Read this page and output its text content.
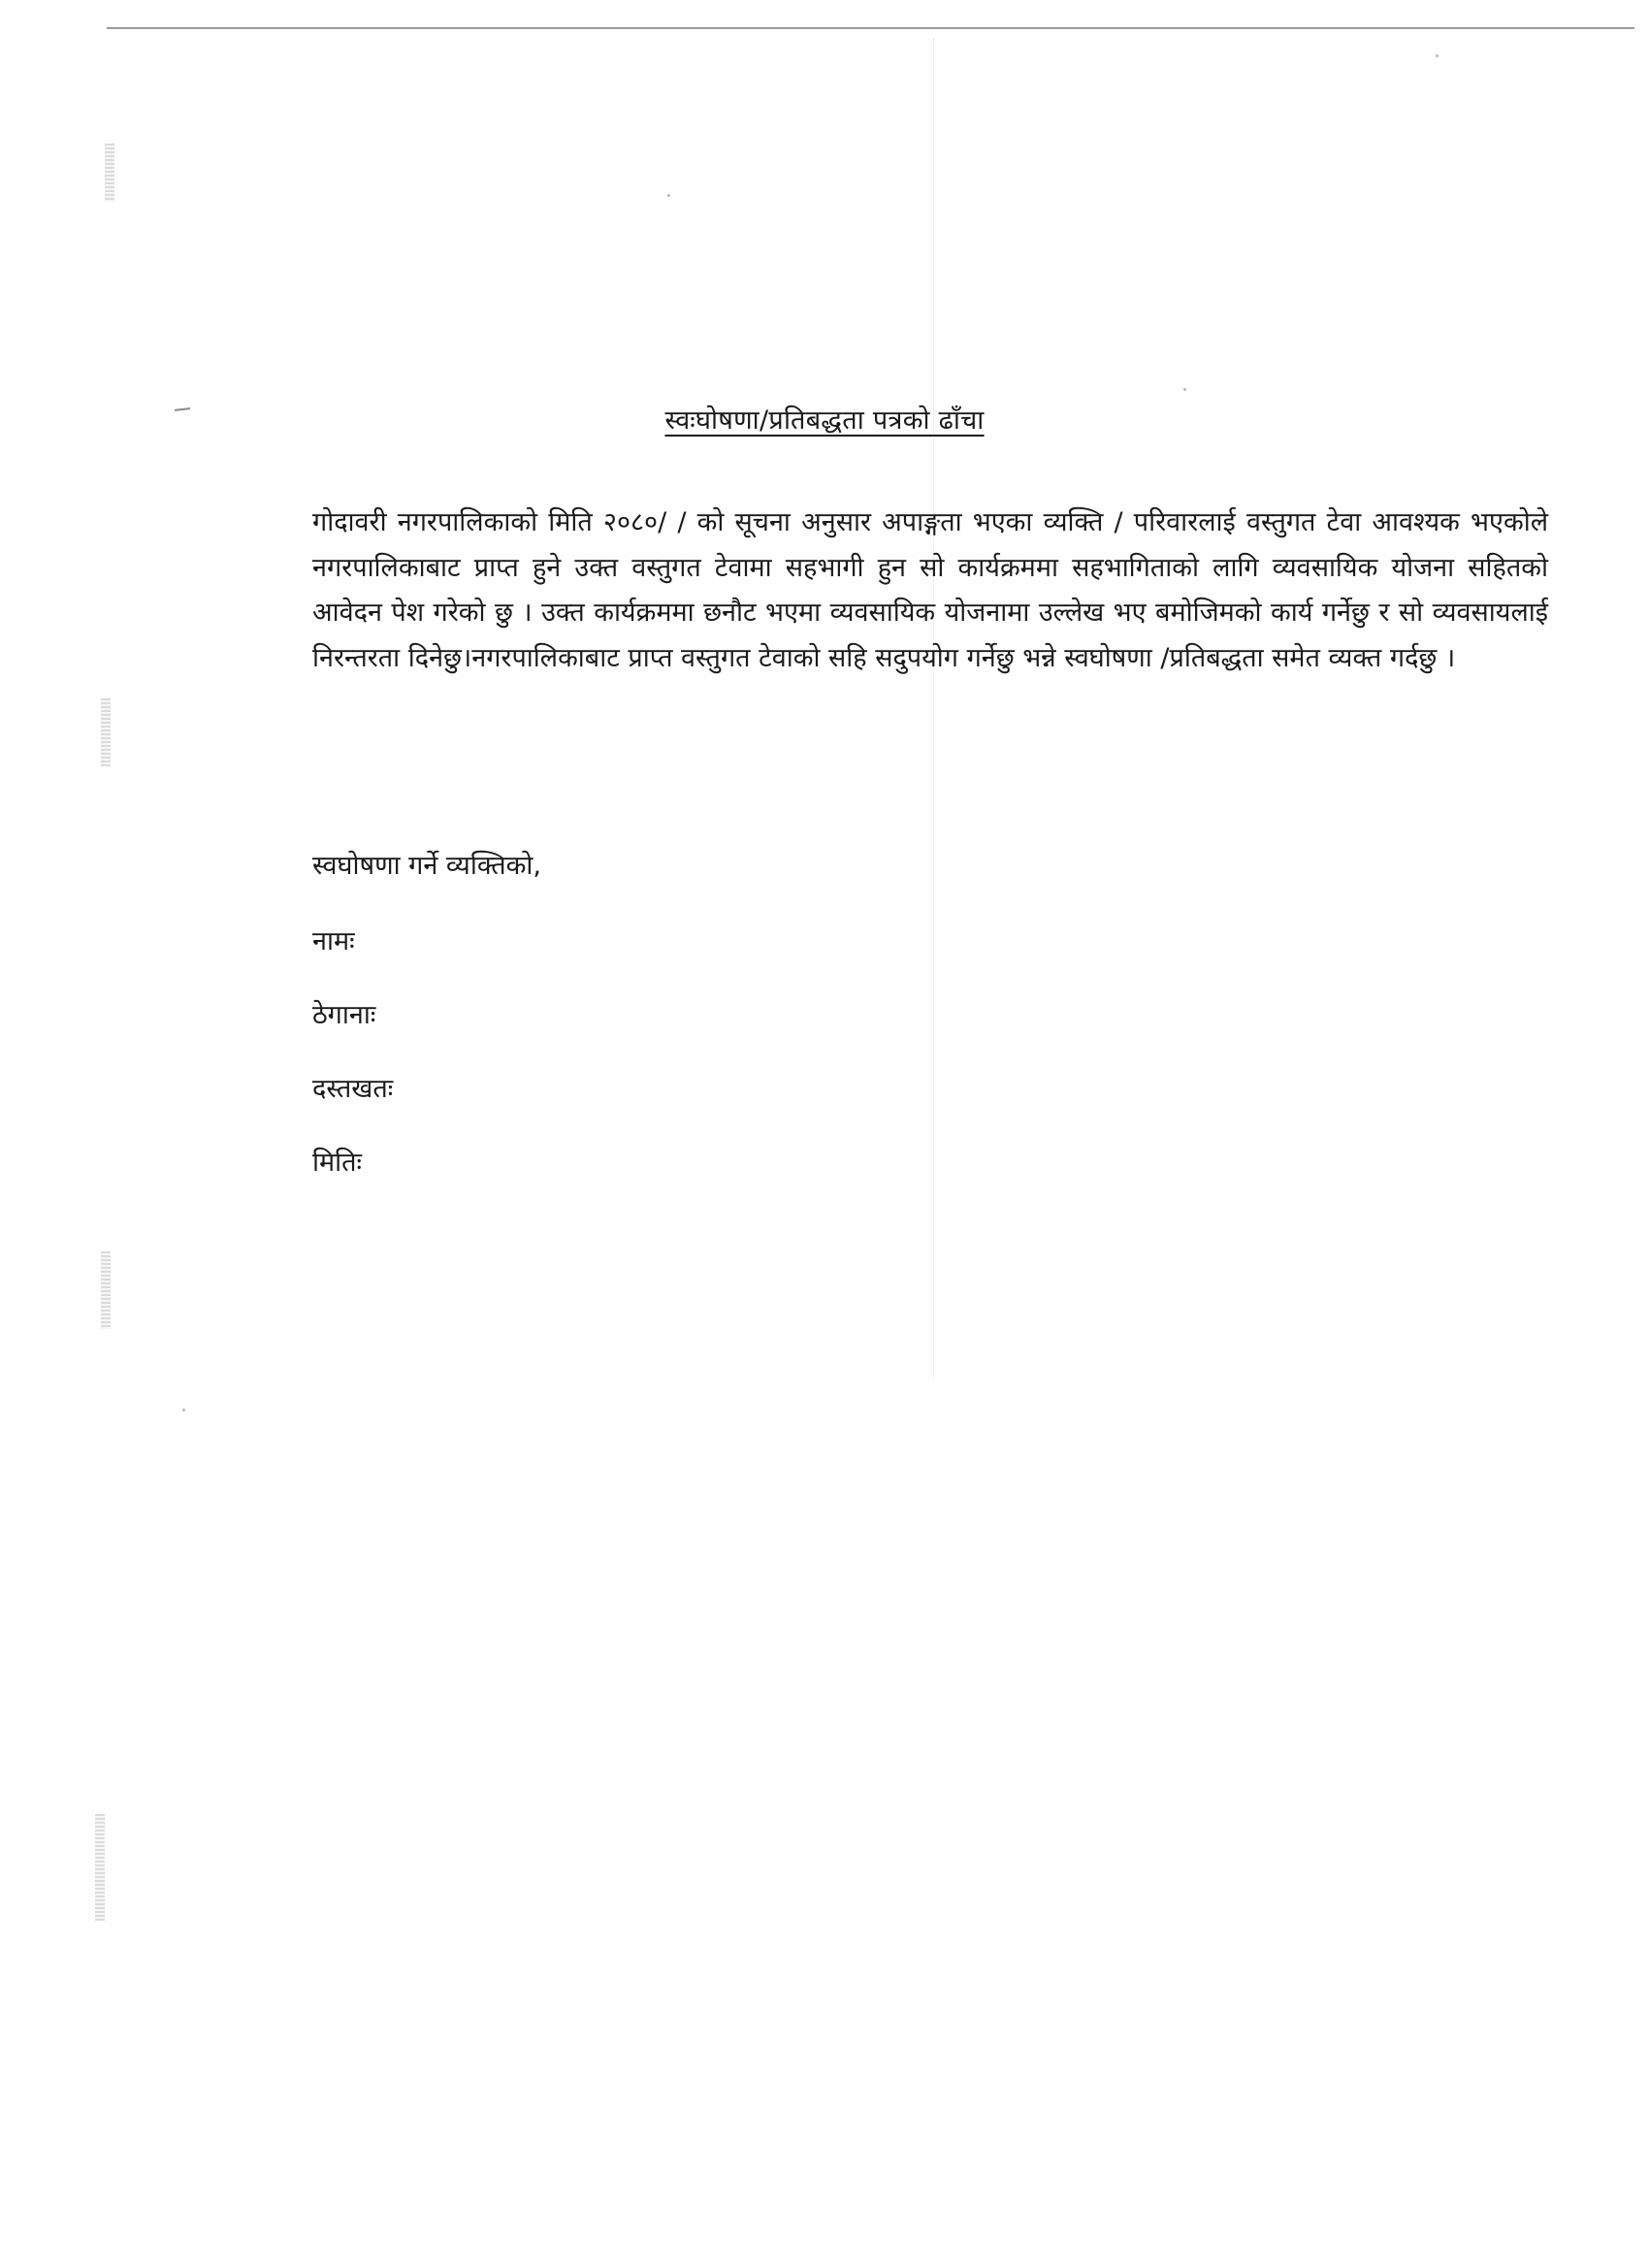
स्वःघोषणा/प्रतिबद्धता पत्रको ढाँचा

गोदावरी नगरपालिकाको मिति २०८०/ / को सूचना अनुसार अपाङ्गता भएका व्यक्ति / परिवारलाई वस्तुगत टेवा आवश्यक भएकोले नगरपालिकाबाट प्राप्त हुने उक्त वस्तुगत टेवामा सहभागी हुन सो कार्यक्रममा सहभागिताको लागि व्यवसायिक योजना सहितको आवेदन पेश गरेको छु । उक्त कार्यक्रममा छनौट भएमा व्यवसायिक योजनामा उल्लेख भए बमोजिमको कार्य गर्नेछु र सो व्यवसायलाई निरन्तरता दिनेछु।नगरपालिकाबाट प्राप्त वस्तुगत टेवाको सहि सदुपयोग गर्नेछु भन्ने स्वघोषणा /प्रतिबद्धता समेत व्यक्त गर्दछु ।

स्वघोषणा गर्ने व्यक्तिको,

नामः

ठेगानाः

दस्तखतः

मितिः
